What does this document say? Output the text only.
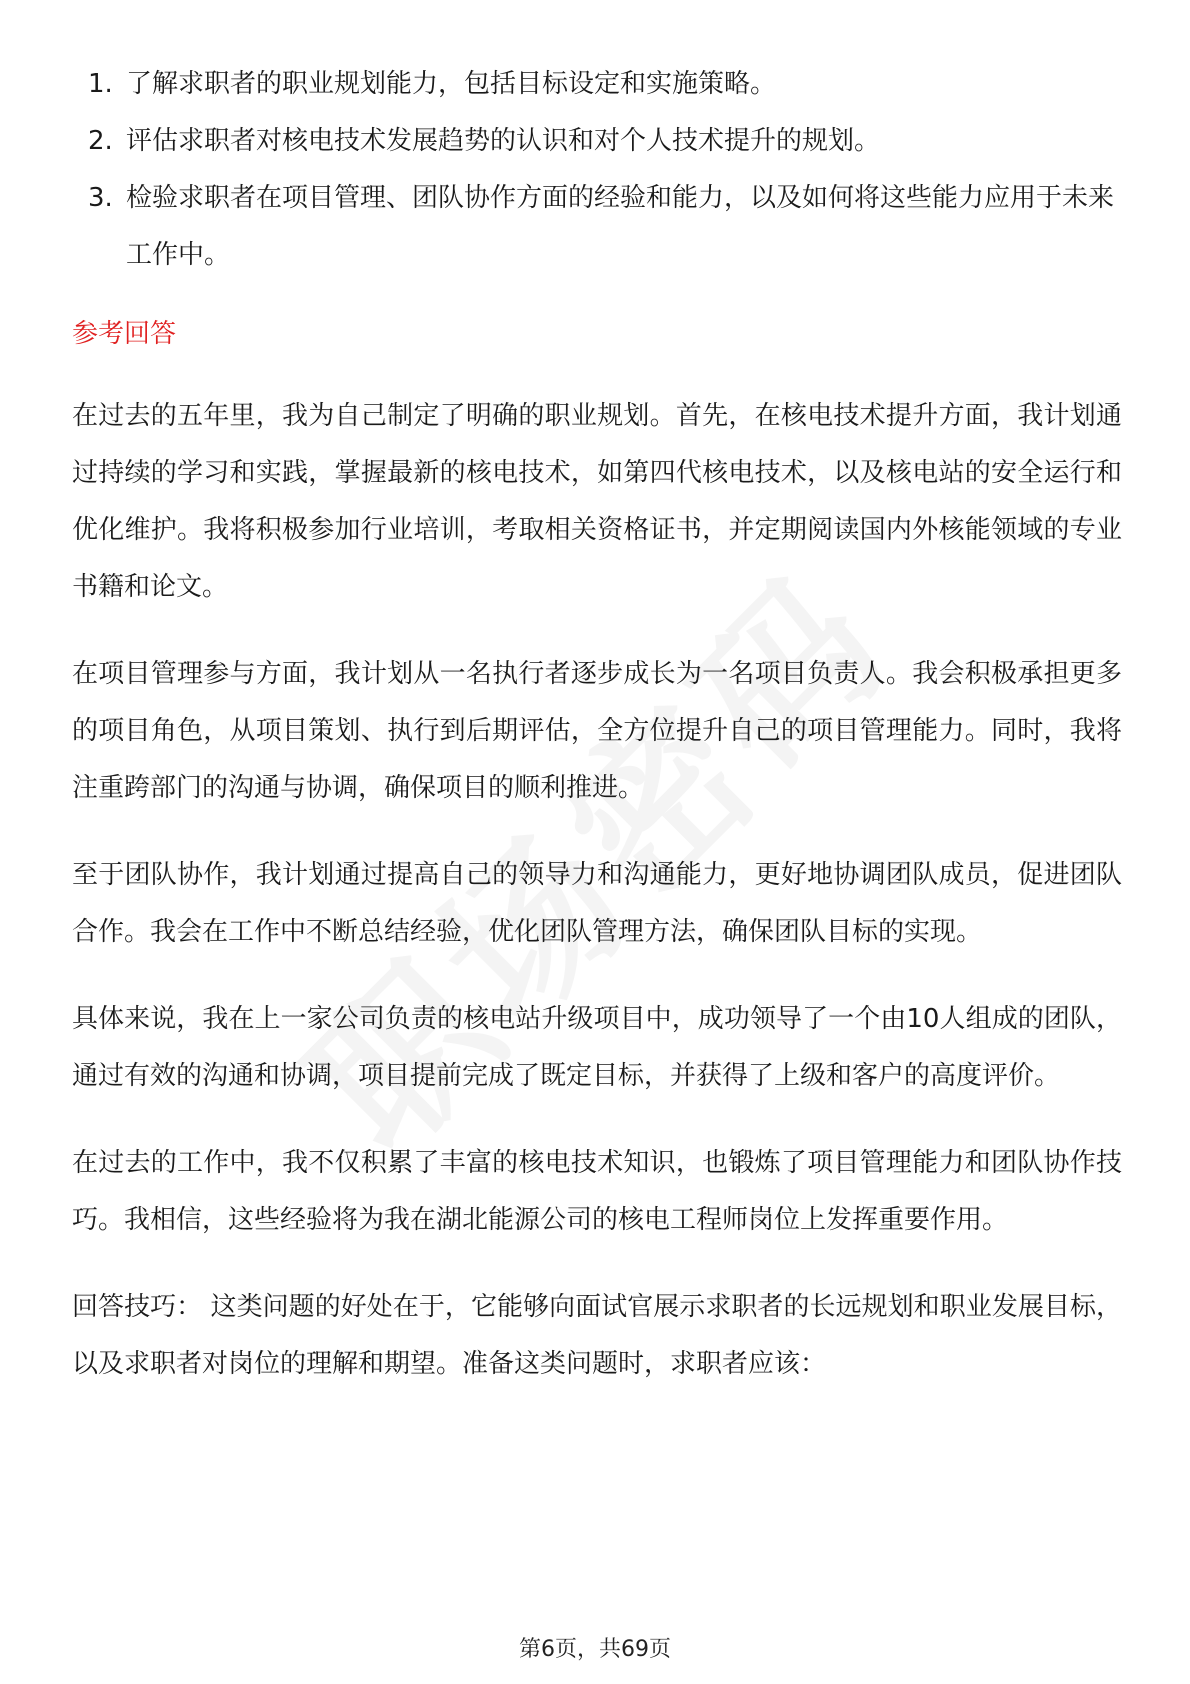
1. 了解求职者的职业规划能力，包括目标设定和实施策略。
2. 评估求职者对核电技术发展趋势的认识和对个人技术提升的规划。
3. 检验求职者在项目管理、团队协作方面的经验和能力，以及如何将这些能力应用于未来工作中。
参考回答

在过去的五年里，我为自己制定了明确的职业规划。首先，在核电技术提升方面，我计划通过持续的学习和实践，掌握最新的核电技术，如第四代核电技术，以及核电站的安全运行和优化维护。我将积极参加行业培训，考取相关资格证书，并定期阅读国内外核能领域的专业书籍和论文。

在项目管理参与方面，我计划从一名执行者逐步成长为一名项目负责人。我会积极承担更多的项目角色，从项目策划、执行到后期评估，全方位提升自己的项目管理能力。同时，我将注重跨部门的沟通与协调，确保项目的顺利推进。

至于团队协作，我计划通过提高自己的领导力和沟通能力，更好地协调团队成员，促进团队合作。我会在工作中不断总结经验，优化团队管理方法，确保团队目标的实现。

具体来说，我在上一家公司负责的核电站升级项目中，成功领导了一个由10人组成的团队，通过有效的沟通和协调，项目提前完成了既定目标，并获得了上级和客户的高度评价。

在过去的工作中，我不仅积累了丰富的核电技术知识，也锻炼了项目管理能力和团队协作技巧。我相信，这些经验将为我在湖北能源公司的核电工程师岗位上发挥重要作用。

回答技巧： 这类问题的好处在于，它能够向面试官展示求职者的长远规划和职业发展目标，以及求职者对岗位的理解和期望。准备这类问题时，求职者应该：

第6页，共69页
